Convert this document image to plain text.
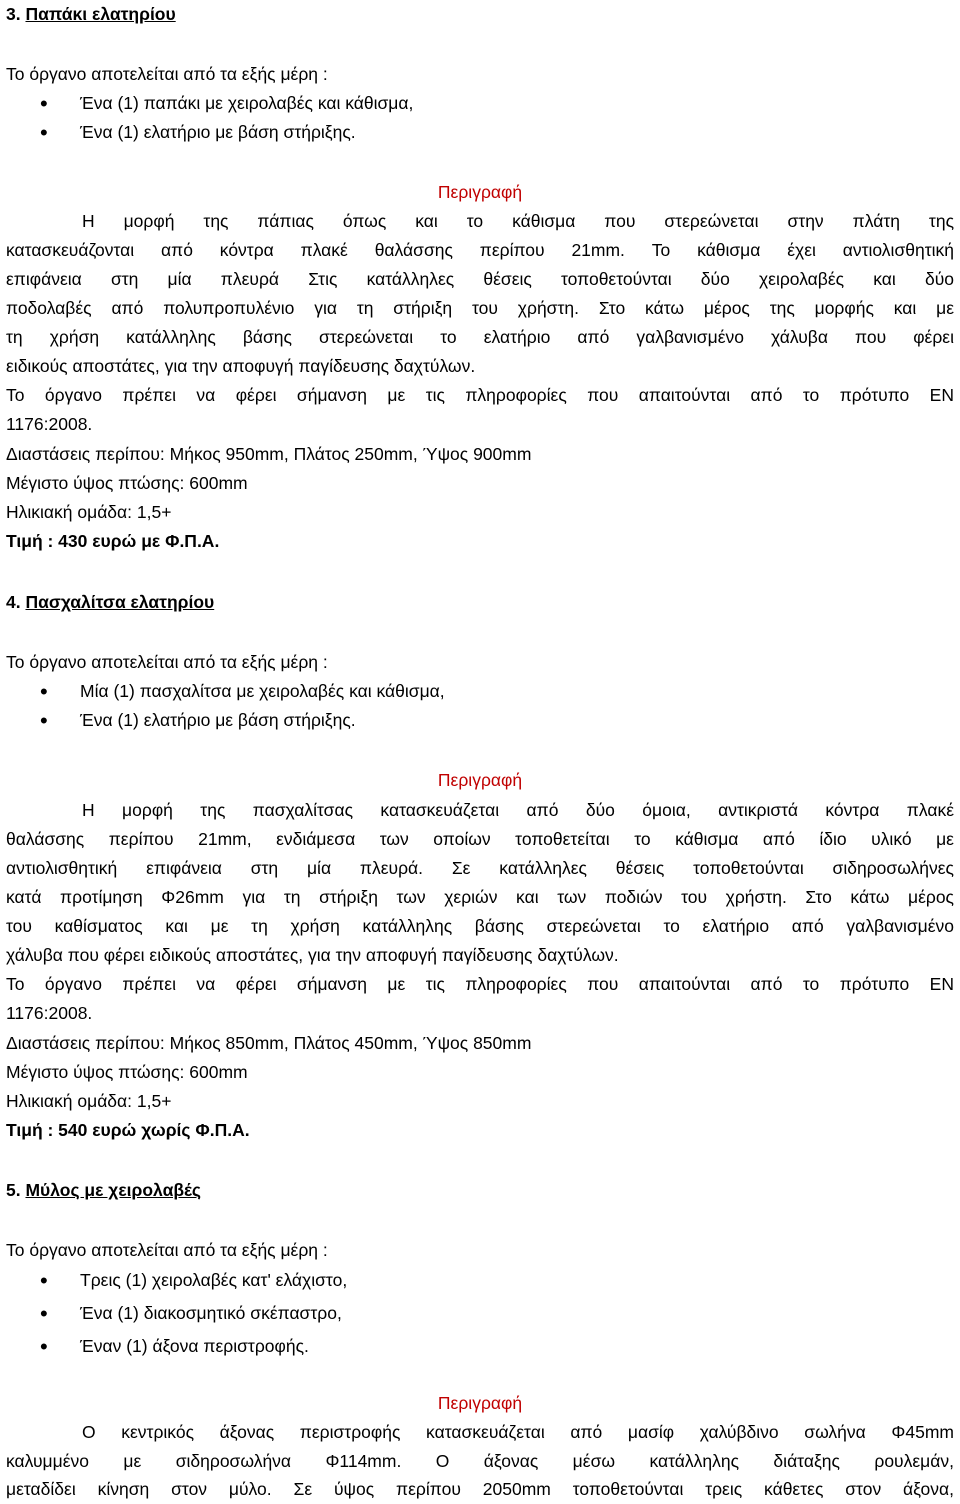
3. Παπάκι ελατηρίου
Το όργανο αποτελείται από τα εξής μέρη :
• Ένα (1) παπάκι με χειρολαβές και κάθισμα,
• Ένα (1) ελατήριο με βάση στήριξης.
Περιγραφή
Η μορφή της πάπιας όπως και το κάθισμα που στερεώνεται στην πλάτη της
κατασκευάζονται από κόντρα πλακέ θαλάσσης περίπου 21mm. Το κάθισμα έχει αντιολισθητική
επιφάνεια στη μία πλευρά Στις κατάλληλες θέσεις τοποθετούνται δύο χειρολαβές και δύο
ποδολαβές από πολυπροπυλένιο για τη στήριξη του χρήστη. Στο κάτω μέρος της μορφής και με
τη χρήση κατάλληλης βάσης στερεώνεται το ελατήριο από γαλβανισμένο χάλυβα που φέρει
ειδικούς αποστάτες, για την αποφυγή παγίδευσης δαχτύλων.
Το όργανο πρέπει να φέρει σήμανση με τις πληροφορίες που απαιτούνται από το πρότυπο ΕΝ
1176:2008.
Διαστάσεις περίπου: Μήκος 950mm, Πλάτος 250mm, Ύψος 900mm
Μέγιστο ύψος πτώσης: 600mm
Ηλικιακή ομάδα: 1,5+
Τιμή : 430 ευρώ με Φ.Π.Α.
4. Πασχαλίτσα ελατηρίου
Το όργανο αποτελείται από τα εξής μέρη :
• Μία (1) πασχαλίτσα με χειρολαβές και κάθισμα,
• Ένα (1) ελατήριο με βάση στήριξης.
Περιγραφή
Η μορφή της πασχαλίτσας κατασκευάζεται από δύο όμοια, αντικριστά κόντρα πλακέ
θαλάσσης περίπου 21mm, ενδιάμεσα των οποίων τοποθετείται το κάθισμα από ίδιο υλικό με
αντιολισθητική επιφάνεια στη μία πλευρά. Σε κατάλληλες θέσεις τοποθετούνται σιδηροσωλήνες
κατά προτίμηση Φ26mm για τη στήριξη των χεριών και των ποδιών του χρήστη. Στο κάτω μέρος
του καθίσματος και με τη χρήση κατάλληλης βάσης στερεώνεται το ελατήριο από γαλβανισμένο
χάλυβα που φέρει ειδικούς αποστάτες, για την αποφυγή παγίδευσης δαχτύλων.
Το όργανο πρέπει να φέρει σήμανση με τις πληροφορίες που απαιτούνται από το πρότυπο ΕΝ
1176:2008.
Διαστάσεις περίπου: Μήκος 850mm, Πλάτος 450mm, Ύψος 850mm
Μέγιστο ύψος πτώσης: 600mm
Ηλικιακή ομάδα: 1,5+
Τιμή : 540 ευρώ χωρίς Φ.Π.Α.
5. Μύλος με χειρολαβές
Το όργανο αποτελείται από τα εξής μέρη :
• Τρεις (1) χειρολαβές κατ' ελάχιστο,
• Ένα (1) διακοσμητικό σκέπαστρο,
• Έναν (1) άξονα περιστροφής.
Περιγραφή
Ο κεντρικός άξονας περιστροφής κατασκευάζεται από μασίφ χαλύβδινο σωλήνα Φ45mm
καλυμμένο με σιδηροσωλήνα Φ114mm. Ο άξονας μέσω κατάλληλης διάταξης ρουλεμάν,
μεταδίδει κίνηση στον μύλο. Σε ύψος περίπου 2050mm τοποθετούνται τρεις κάθετες στον άξονα,
